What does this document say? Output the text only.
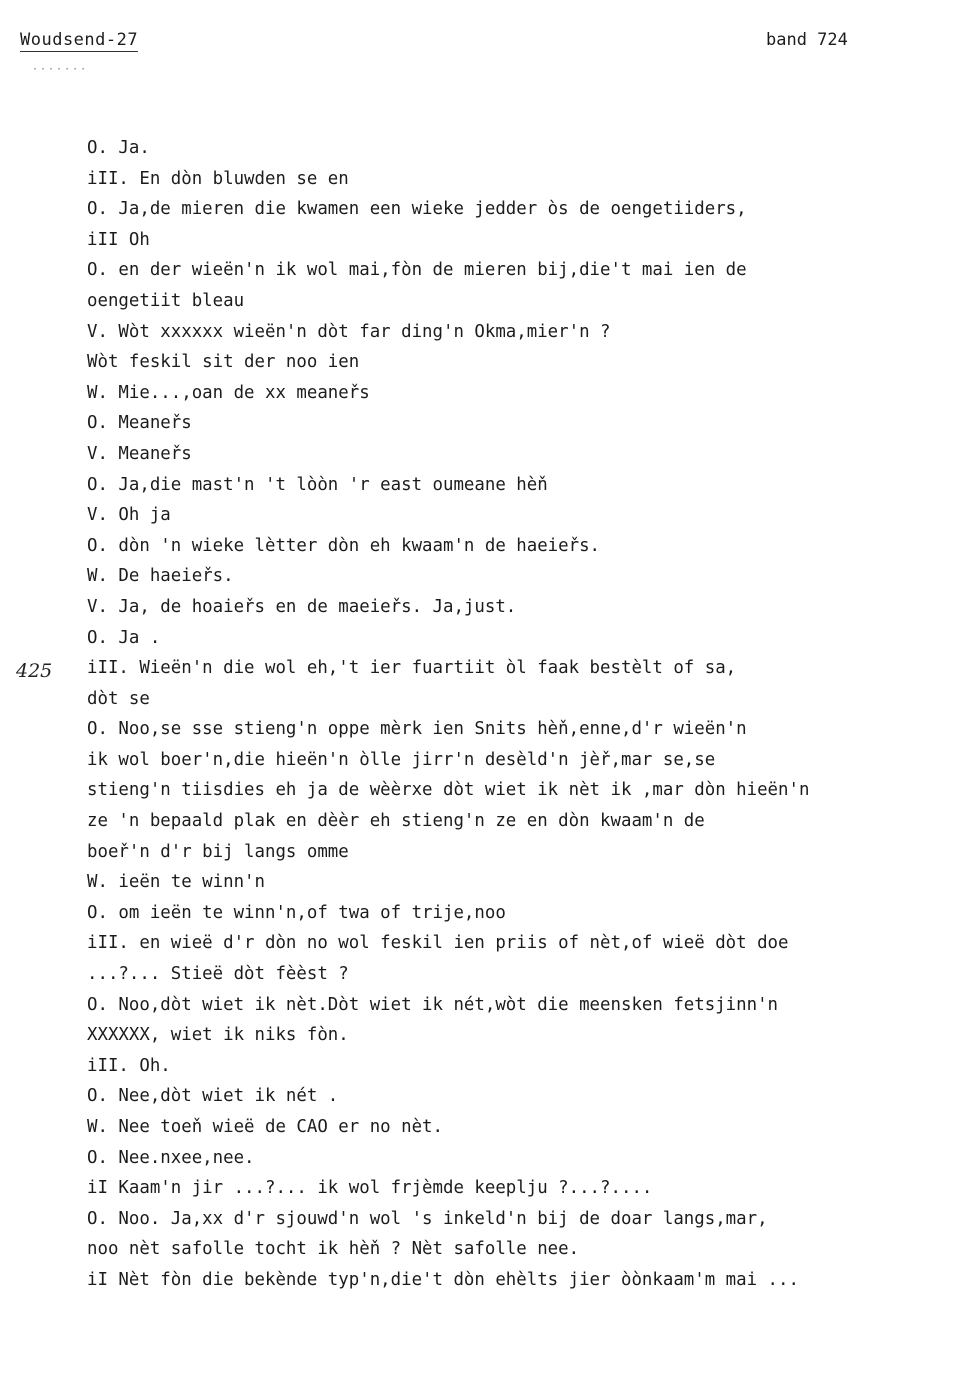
Woudsend-27	band 724
·······
425
O. Ja.
iII. En dòn bluwden se en
O. Ja,de mieren die kwamen een wieke jedder òs de oengetiiders,
iII Oh
O. en der wieën'n ik wol mai,fòn de mieren bij,die't mai ien de
oengetiit bleau
V. Wòt xxxxxx wieën'n dòt far ding'n Okma,mier'n ?
Wòt feskil sit der noo ien
W. Mie...,oan de xx meaneřs
O. Meaneřs
V. Meaneřs
O. Ja,die mast'n 't lòòn 'r east oumeane hèň
V. Oh ja
O. dòn 'n wieke lètter dòn eh kwaam'n de haeieřs.
W. De haeieřs.
V. Ja, de hoaieřs en de maeieřs. Ja,just.
O. Ja .
iII. Wieën'n die wol eh,'t ier fuartiit òl faak bestèlt of sa,
dòt se
O. Noo,se sse stieng'n oppe mèrk ien Snits hèň,enne,d'r wieën'n
ik wol boer'n,die hieën'n òlle jirr'n desèld'n jèř,mar se,se
stieng'n tiisdies eh ja de wèèrxe dòt wiet ik nèt ik ,mar dòn hieën'n
ze 'n bepaald plak en dèèr eh stieng'n ze en dòn kwaam'n de
boeř'n d'r bij langs omme
W. ieën te winn'n
O. om ieën te winn'n,of twa of trije,noo
iII. en wieë d'r dòn no wol feskil ien priis of nèt,of wieë dòt doe
...?... Stieë dòt fèèst ?
O. Noo,dòt wiet ik nèt.Dòt wiet ik nét,wòt die meensken fetsjinn'n
XXXXXX, wiet ik niks fòn.
iII. Oh.
O. Nee,dòt wiet ik nét .
W. Nee toeň wieë de CAO er no nèt.
O. Nee.nxee,nee.
iI Kaam'n jir ...?... ik wol frjèmde keeplju ?...?....
O. Noo. Ja,xx d'r sjouwd'n wol 's inkeld'n bij de doar langs,mar,
noo nèt safolle tocht ik hèň ? Nèt safolle nee.
iI Nèt fòn die bekènde typ'n,die't dòn ehèlts jier òònkaam'm mai ...
